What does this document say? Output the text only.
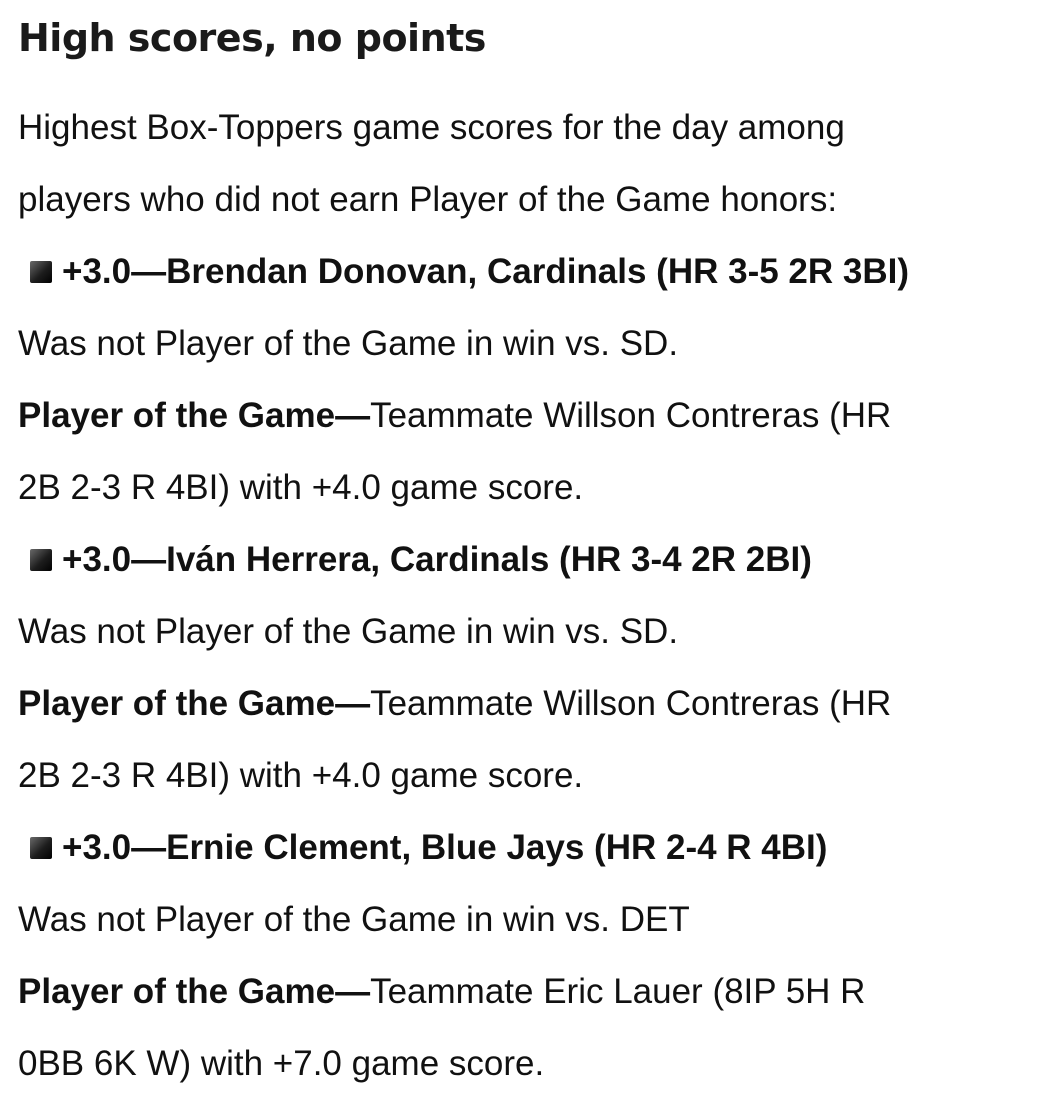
High scores, no points

Highest Box-Toppers game scores for the day among

players who did not earn Player of the Game honors:

+3.0—Brendan Donovan, Cardinals (HR 3-5 2R 3BI)

Was not Player of the Game in win vs. SD.

Player of the Game—Teammate Willson Contreras (HR

2B 2-3 R 4BI) with +4.0 game score.

+3.0—Iván Herrera, Cardinals (HR 3-4 2R 2BI)

Was not Player of the Game in win vs. SD.

Player of the Game—Teammate Willson Contreras (HR

2B 2-3 R 4BI) with +4.0 game score.

+3.0—Ernie Clement, Blue Jays (HR 2-4 R 4BI)

Was not Player of the Game in win vs. DET

Player of the Game—Teammate Eric Lauer (8IP 5H R

0BB 6K W) with +7.0 game score.
